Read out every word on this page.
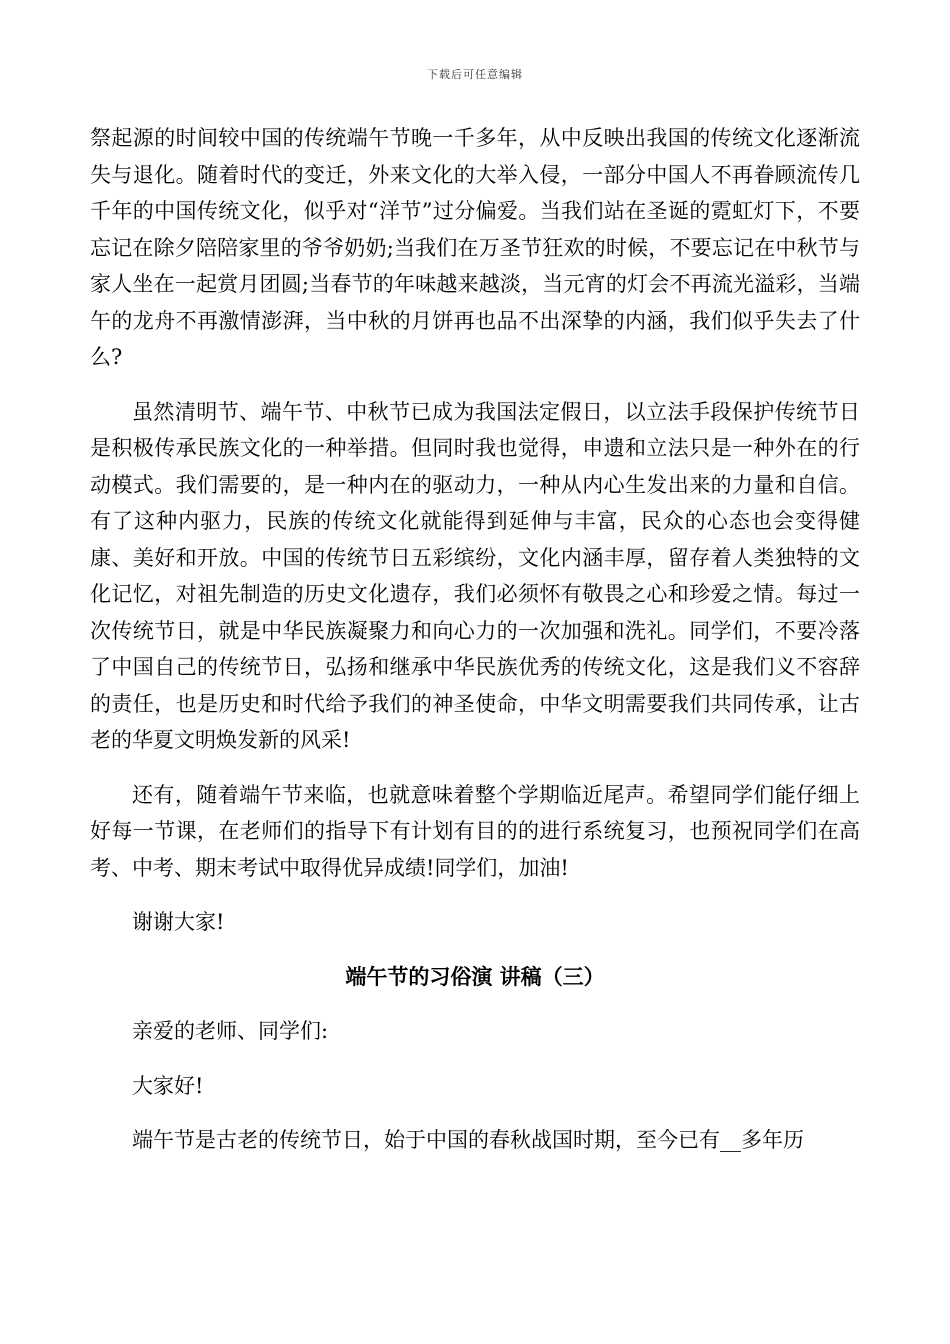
下载后可任意编辑

祭起源的时间较中国的传统端午节晚一千多年，从中反映出我国的传统文化逐渐流失与退化。随着时代的变迁，外来文化的大举入侵，一部分中国人不再眷顾流传几千年的中国传统文化，似乎对“洋节”过分偏爱。当我们站在圣诞的霓虹灯下，不要忘记在除夕陪陪家里的爷爷奶奶;当我们在万圣节狂欢的时候，不要忘记在中秋节与家人坐在一起赏月团圆;当春节的年味越来越淡，当元宵的灯会不再流光溢彩，当端午的龙舟不再激情澎湃，当中秋的月饼再也品不出深挚的内涵，我们似乎失去了什么?

虽然清明节、端午节、中秋节已成为我国法定假日，以立法手段保护传统节日是积极传承民族文化的一种举措。但同时我也觉得，申遗和立法只是一种外在的行动模式。我们需要的，是一种内在的驱动力，一种从内心生发出来的力量和自信。有了这种内驱力，民族的传统文化就能得到延伸与丰富，民众的心态也会变得健康、美好和开放。中国的传统节日五彩缤纷，文化内涵丰厚，留存着人类独特的文化记忆，对祖先制造的历史文化遗存，我们必须怀有敬畏之心和珍爱之情。每过一次传统节日，就是中华民族凝聚力和向心力的一次加强和洗礼。同学们，不要冷落了中国自己的传统节日，弘扬和继承中华民族优秀的传统文化，这是我们义不容辞的责任，也是历史和时代给予我们的神圣使命，中华文明需要我们共同传承，让古老的华夏文明焕发新的风采!

还有，随着端午节来临，也就意味着整个学期临近尾声。希望同学们能仔细上好每一节课，在老师们的指导下有计划有目的的进行系统复习，也预祝同学们在高考、中考、期末考试中取得优异成绩!同学们，加油!

谢谢大家!

端午节的习俗演 讲稿（三）

亲爱的老师、同学们:

大家好!

端午节是古老的传统节日，始于中国的春秋战国时期，至今已有__多年历
